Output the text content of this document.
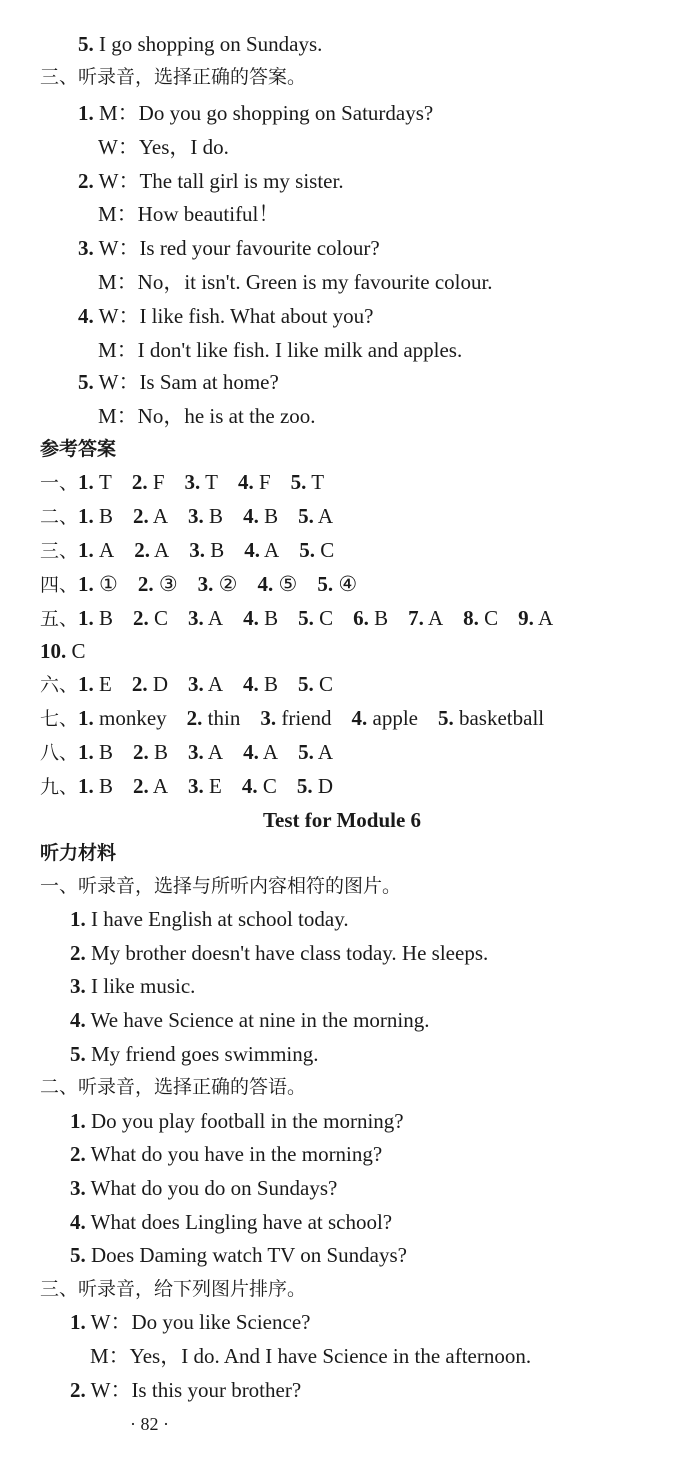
5. I go shopping on Sundays.
三、听录音，选择正确的答案。
1. M：Do you go shopping on Saturdays?
W：Yes，I do.
2. W：The tall girl is my sister.
M：How beautiful！
3. W：Is red your favourite colour?
M：No，it isn't. Green is my favourite colour.
4. W：I like fish. What about you?
M：I don't like fish. I like milk and apples.
5. W：Is Sam at home?
M：No，he is at the zoo.
参考答案
一、1. T 2. F 3. T 4. F 5. T
二、1. B 2. A 3. B 4. B 5. A
三、1. A 2. A 3. B 4. A 5. C
四、1. ① 2. ③ 3. ② 4. ⑤ 5. ④
五、1. B 2. C 3. A 4. B 5. C 6. B 7. A 8. C 9. A
10. C
六、1. E 2. D 3. A 4. B 5. C
七、1. monkey 2. thin 3. friend 4. apple 5. basketball
八、1. B 2. B 3. A 4. A 5. A
九、1. B 2. A 3. E 4. C 5. D
Test for Module 6
听力材料
一、听录音，选择与所听内容相符的图片。
1. I have English at school today.
2. My brother doesn't have class today. He sleeps.
3. I like music.
4. We have Science at nine in the morning.
5. My friend goes swimming.
二、听录音，选择正确的答语。
1. Do you play football in the morning?
2. What do you have in the morning?
3. What do you do on Sundays?
4. What does Lingling have at school?
5. Does Daming watch TV on Sundays?
三、听录音，给下列图片排序。
1. W：Do you like Science?
M：Yes，I do. And I have Science in the afternoon.
2. W：Is this your brother?
· 82 ·
